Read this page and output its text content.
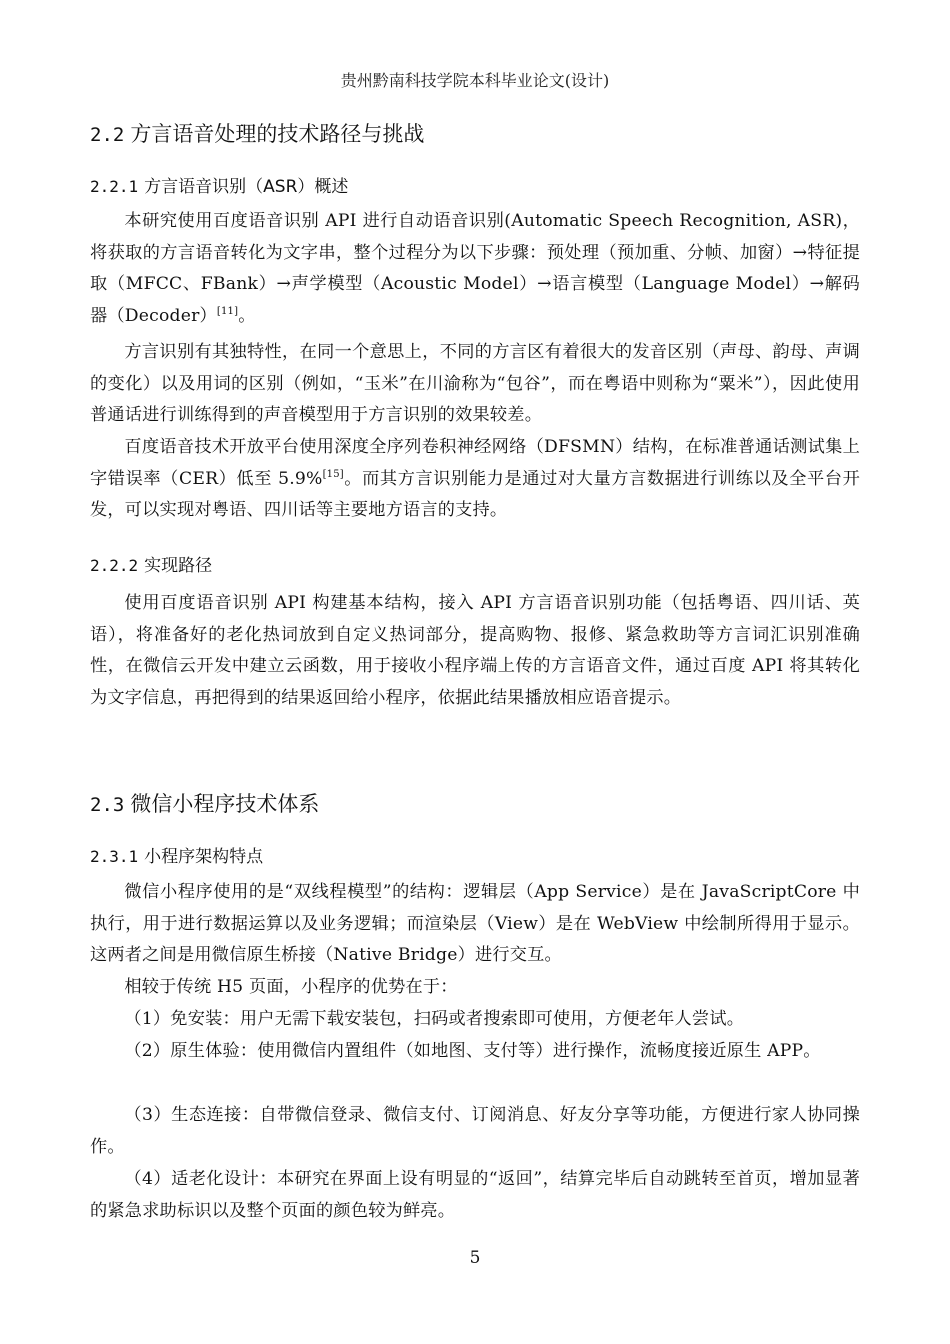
贵州黔南科技学院本科毕业论文(设计)
2.2 方言语音处理的技术路径与挑战
2.2.1 方言语音识别（ASR）概述
本研究使用百度语音识别 API 进行自动语音识别(Automatic Speech Recognition, ASR)，将获取的方言语音转化为文字串，整个过程分为以下步骤：预处理（预加重、分帧、加窗）→特征提取（MFCC、FBank）→声学模型（Acoustic Model）→语言模型（Language Model）→解码器（Decoder）[11]。
方言识别有其独特性，在同一个意思上，不同的方言区有着很大的发音区别（声母、韵母、声调的变化）以及用词的区别（例如，“玉米”在川渝称为“包谷”，而在粤语中则称为“粟米”），因此使用普通话进行训练得到的声音模型用于方言识别的效果较差。
百度语音技术开放平台使用深度全序列卷积神经网络（DFSMN）结构，在标准普通话测试集上字错误率（CER）低至 5.9%[15]。而其方言识别能力是通过对大量方言数据进行训练以及全平台开发，可以实现对粤语、四川话等主要地方语言的支持。
2.2.2 实现路径
使用百度语音识别 API 构建基本结构，接入 API 方言语音识别功能（包括粤语、四川话、英语），将准备好的老化热词放到自定义热词部分，提高购物、报修、紧急救助等方言词汇识别准确性，在微信云开发中建立云函数，用于接收小程序端上传的方言语音文件，通过百度 API 将其转化为文字信息，再把得到的结果返回给小程序，依据此结果播放相应语音提示。
2.3 微信小程序技术体系
2.3.1 小程序架构特点
微信小程序使用的是“双线程模型”的结构：逻辑层（App Service）是在 JavaScriptCore 中执行，用于进行数据运算以及业务逻辑；而渲染层（View）是在 WebView 中绘制所得用于显示。这两者之间是用微信原生桥接（Native Bridge）进行交互。
相较于传统 H5 页面，小程序的优势在于：
（1）免安装：用户无需下载安装包，扫码或者搜索即可使用，方便老年人尝试。
（2）原生体验：使用微信内置组件（如地图、支付等）进行操作，流畅度接近原生 APP。
（3）生态连接：自带微信登录、微信支付、订阅消息、好友分享等功能，方便进行家人协同操作。
（4）适老化设计：本研究在界面上设有明显的“返回”，结算完毕后自动跳转至首页，增加显著的紧急求助标识以及整个页面的颜色较为鲜亮。
5
